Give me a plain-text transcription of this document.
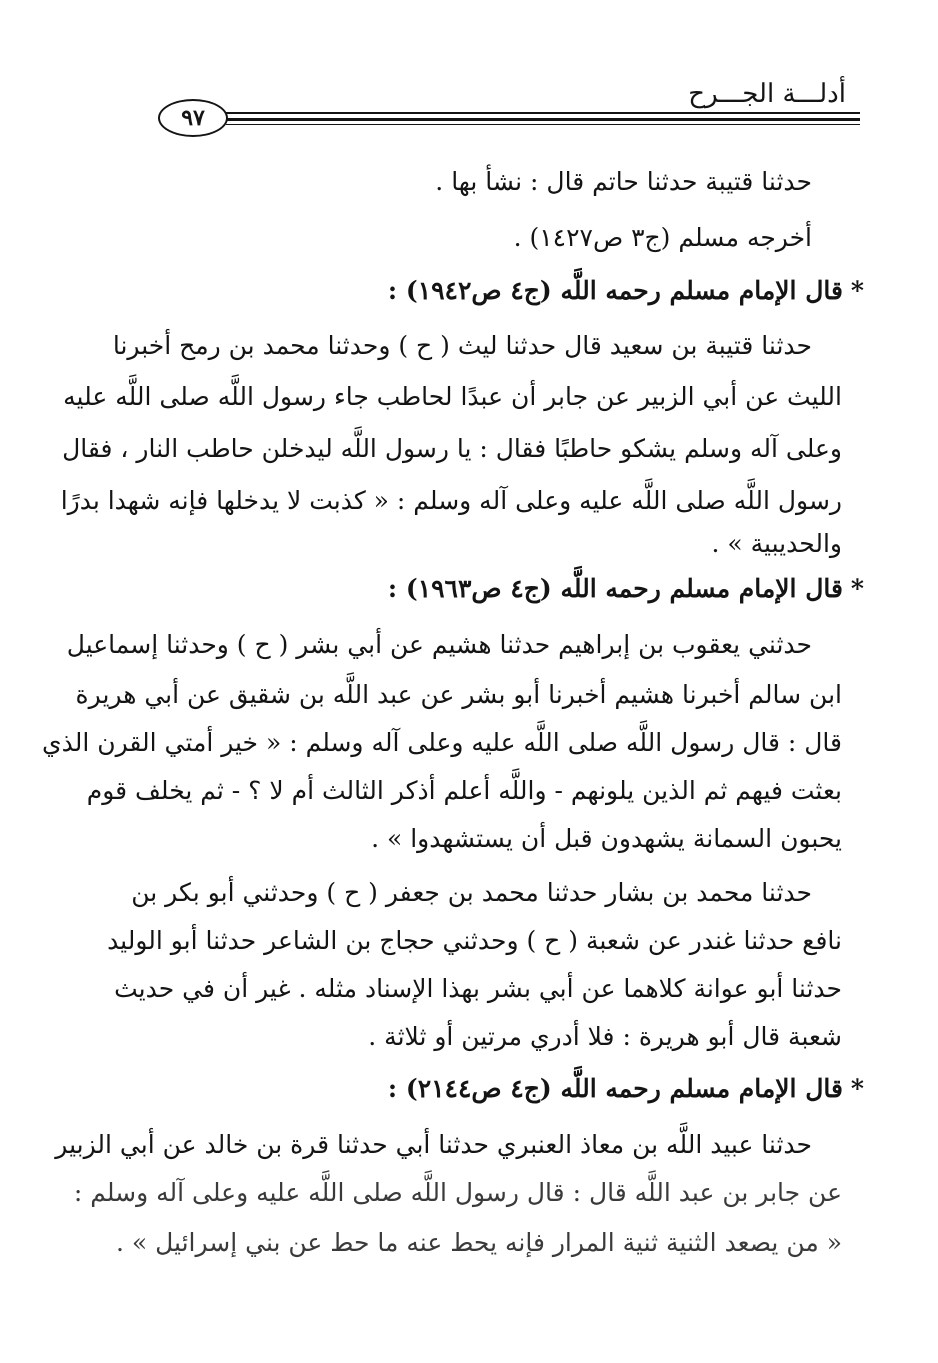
أدلـــة الجـــرح
٩٧
حدثنا قتيبة حدثنا حاتم قال : نشأ بها .
أخرجه مسلم (ج٣ ص١٤٢٧) .
*قال الإمام مسلم رحمه اللَّه (ج٤ ص١٩٤٢) :
حدثنا قتيبة بن سعيد قال حدثنا ليث ( ح ) وحدثنا محمد بن رمح أخبرنا
الليث عن أبي الزبير عن جابر أن عبدًا لحاطب جاء رسول اللَّه صلى اللَّه عليه
وعلى آله وسلم يشكو حاطبًا فقال : يا رسول اللَّه ليدخلن حاطب النار ، فقال
رسول اللَّه صلى اللَّه عليه وعلى آله وسلم : « كذبت لا يدخلها فإنه شهدا بدرًا
والحديبية » .
*قال الإمام مسلم رحمه اللَّه (ج٤ ص١٩٦٣) :
حدثني يعقوب بن إبراهيم حدثنا هشيم عن أبي بشر ( ح ) وحدثنا إسماعيل
ابن سالم أخبرنا هشيم أخبرنا أبو بشر عن عبد اللَّه بن شقيق عن أبي هريرة
قال : قال رسول اللَّه صلى اللَّه عليه وعلى آله وسلم : « خير أمتي القرن الذي
بعثت فيهم ثم الذين يلونهم - واللَّه أعلم أذكر الثالث أم لا ؟ - ثم يخلف قوم
يحبون السمانة يشهدون قبل أن يستشهدوا » .
حدثنا محمد بن بشار حدثنا محمد بن جعفر ( ح ) وحدثني أبو بكر بن
نافع حدثنا غندر عن شعبة ( ح ) وحدثني حجاج بن الشاعر حدثنا أبو الوليد
حدثنا أبو عوانة كلاهما عن أبي بشر بهذا الإسناد مثله . غير أن في حديث
شعبة قال أبو هريرة : فلا أدري مرتين أو ثلاثة .
*قال الإمام مسلم رحمه اللَّه (ج٤ ص٢١٤٤) :
حدثنا عبيد اللَّه بن معاذ العنبري حدثنا أبي حدثنا قرة بن خالد عن أبي الزبير
عن جابر بن عبد اللَّه قال : قال رسول اللَّه صلى اللَّه عليه وعلى آله وسلم :
« من يصعد الثنية ثنية المرار فإنه يحط عنه ما حط عن بني إسرائيل » .
